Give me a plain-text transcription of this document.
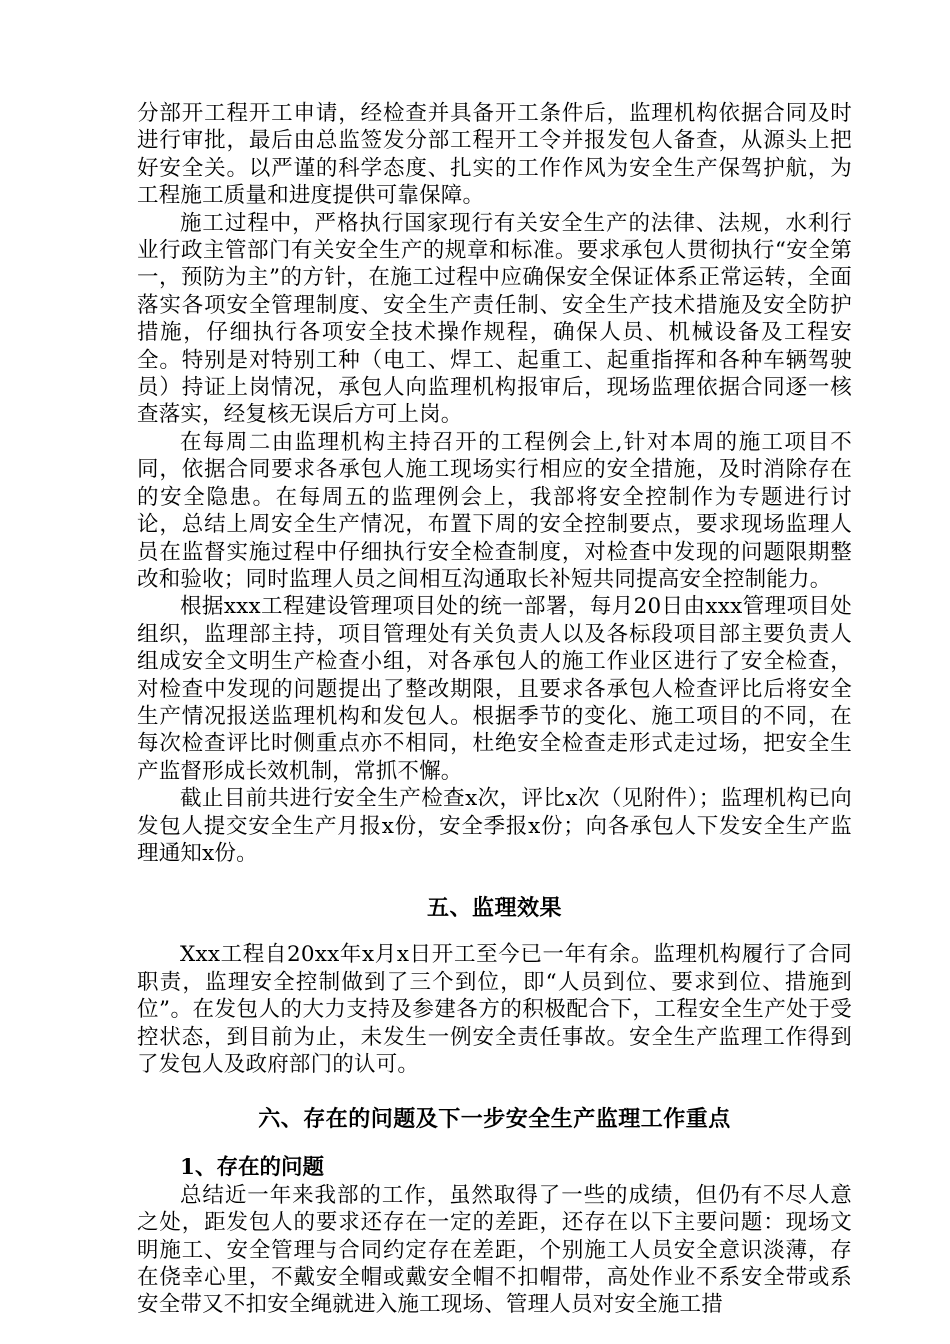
分部开工程开工申请，经检查并具备开工条件后，监理机构依据合同及时进行审批，最后由总监签发分部工程开工令并报发包人备查，从源头上把好安全关。以严谨的科学态度、扎实的工作作风为安全生产保驾护航，为工程施工质量和进度提供可靠保障。

施工过程中，严格执行国家现行有关安全生产的法律、法规，水利行业行政主管部门有关安全生产的规章和标准。要求承包人贯彻执行“安全第一，预防为主”的方针，在施工过程中应确保安全保证体系正常运转，全面落实各项安全管理制度、安全生产责任制、安全生产技术措施及安全防护措施，仔细执行各项安全技术操作规程，确保人员、机械设备及工程安全。特别是对特别工种（电工、焊工、起重工、起重指挥和各种车辆驾驶员）持证上岗情况，承包人向监理机构报审后，现场监理依据合同逐一核查落实，经复核无误后方可上岗。

在每周二由监理机构主持召开的工程例会上,针对本周的施工项目不同，依据合同要求各承包人施工现场实行相应的安全措施，及时消除存在的安全隐患。在每周五的监理例会上，我部将安全控制作为专题进行讨论，总结上周安全生产情况，布置下周的安全控制要点，要求现场监理人员在监督实施过程中仔细执行安全检查制度，对检查中发现的问题限期整改和验收；同时监理人员之间相互沟通取长补短共同提高安全控制能力。

根据xxx工程建设管理项目处的统一部署，每月20日由xxx管理项目处组织，监理部主持，项目管理处有关负责人以及各标段项目部主要负责人组成安全文明生产检查小组，对各承包人的施工作业区进行了安全检查，对检查中发现的问题提出了整改期限，且要求各承包人检查评比后将安全生产情况报送监理机构和发包人。根据季节的变化、施工项目的不同，在每次检查评比时侧重点亦不相同，杜绝安全检查走形式走过场，把安全生产监督形成长效机制，常抓不懈。

截止目前共进行安全生产检查x次，评比x次（见附件）；监理机构已向发包人提交安全生产月报x份，安全季报x份；向各承包人下发安全生产监理通知x份。

五、监理效果

Xxx工程自20xx年x月x日开工至今已一年有余。监理机构履行了合同职责，监理安全控制做到了三个到位，即“人员到位、要求到位、措施到位”。在发包人的大力支持及参建各方的积极配合下，工程安全生产处于受控状态，到目前为止，未发生一例安全责任事故。安全生产监理工作得到了发包人及政府部门的认可。

六、存在的问题及下一步安全生产监理工作重点
1、存在的问题

总结近一年来我部的工作，虽然取得了一些的成绩，但仍有不尽人意之处，距发包人的要求还存在一定的差距，还存在以下主要问题：现场文明施工、安全管理与合同约定存在差距，个别施工人员安全意识淡薄，存在侥幸心里，不戴安全帽或戴安全帽不扣帽带，高处作业不系安全带或系安全带又不扣安全绳就进入施工现场、管理人员对安全施工措
